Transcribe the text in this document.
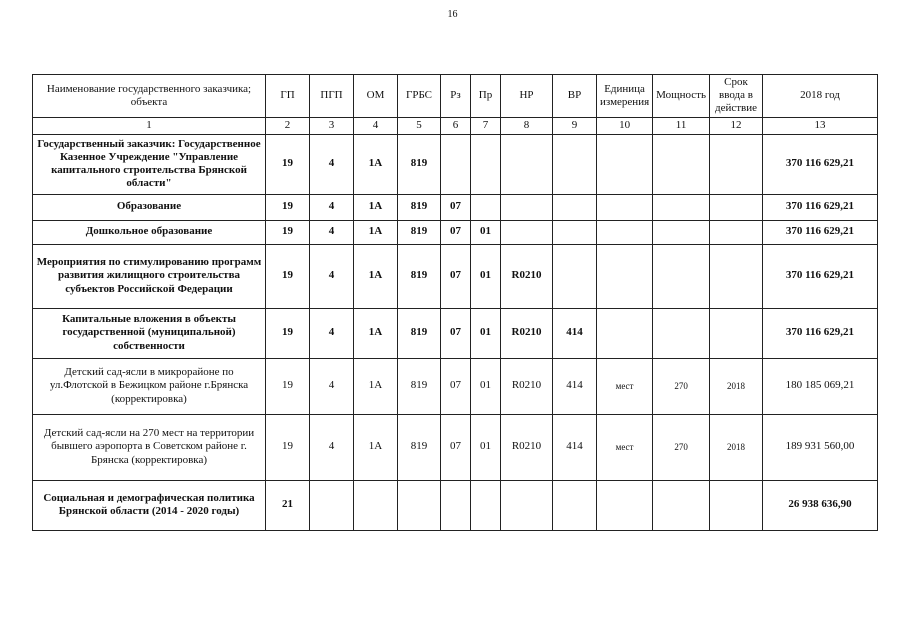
16
Наименование государственного заказчика; объекта	ГП	ПГП	ОМ	ГРБС	Рз	Пр	НР	ВР	Единица измерения	Мощность	Срок ввода в действие	2018 год
1	2	3	4	5	6	7	8	9	10	11	12	13
Государственный заказчик: Государственное Казенное Учреждение "Управление капитального строительства Брянской области"	19	4	1А	819								370 116 629,21
Образование	19	4	1А	819	07							370 116 629,21
Дошкольное образование	19	4	1А	819	07	01						370 116 629,21
Мероприятия по стимулированию программ развития жилищного строительства субъектов Российской Федерации	19	4	1А	819	07	01	R0210					370 116 629,21
Капитальные вложения в объекты государственной (муниципальной) собственности	19	4	1А	819	07	01	R0210	414				370 116 629,21
Детский сад-ясли в микрорайоне по ул.Флотской в Бежицком районе г.Брянска (корректировка)	19	4	1А	819	07	01	R0210	414	мест	270	2018	180 185 069,21
Детский сад-ясли на 270 мест на территории бывшего аэропорта в Советском районе г. Брянска (корректировка)	19	4	1А	819	07	01	R0210	414	мест	270	2018	189 931 560,00
Социальная и демографическая политика Брянской области (2014 - 2020 годы)	21											26 938 636,90
